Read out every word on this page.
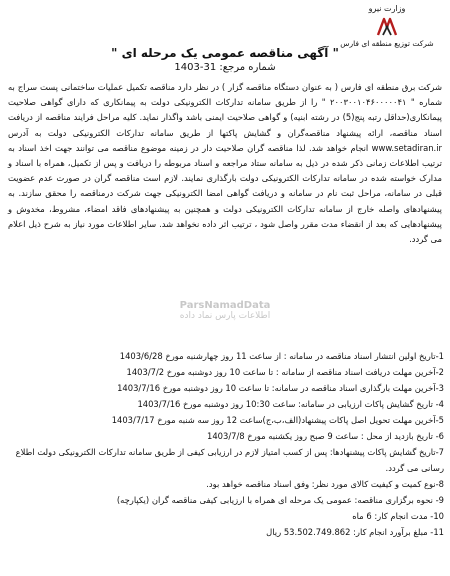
وزارت نیرو
شرکت توزیع منطقه ای فارس
" آگهی مناقصه عمومی یک مرحله ای "
شماره مرجع: 31-1403
شرکت برق منطقه ای فارس ( به عنوان دستگاه مناقصه گزار ) در نظر دارد مناقصه تکمیل عملیات ساختمانی پست سراج به شماره " ۲۰۰۳۰۰۱۰۴۶۰۰۰۰۰۴۱ " را از طریق سامانه تدارکات الکترونیکی دولت به پیمانکاری که دارای گواهی صلاحیت پیمانکاری(حداقل رتبه پنج(5) در رشته ابنیه) و گواهی صلاحیت ایمنی باشد واگذار نماید. کلیه مراحل فرایند مناقصه از دریافت اسناد مناقصه، ارائه پیشنهاد مناقصه‌گران و گشایش پاکتها از طریق سامانه تدارکات الکترونیکی دولت به آدرس www.setadiran.ir انجام خواهد شد. لذا مناقصه گران صلاحیت دار در زمینه موضوع مناقصه می توانند جهت اخذ اسناد به ترتیب اطلاعات زمانی ذکر شده در ذیل به سامانه ستاد مراجعه و اسناد مربوطه را دریافت و پس از تکمیل، همراه با اسناد و مدارک خواسته شده در سامانه تدارکات الکترونیکی دولت بارگذاری نمایند. لازم است مناقصه گران در صورت عدم عضویت قبلی در سامانه، مراحل ثبت نام در سامانه و دریافت گواهی امضا الکترونیکی جهت شرکت درمناقصه را محقق سازند. به پیشنهادهای واصله خارج از سامانه تدارکات الکترونیکی دولت و همچنین به پیشنهادهای فاقد امضاء، مشروط، مخدوش و پیشنهادهایی که بعد از انقضاء مدت مقرر واصل شود ، ترتیب اثر داده نخواهد شد. سایر اطلاعات مورد نیاز به شرح ذیل اعلام می گردد.
ParsNamadData
اطلاعات پارس نماد داده
1-تاریخ اولین انتشار اسناد مناقصه در سامانه : از ساعت 11 روز چهارشنبه مورخ 1403/6/28
2-آخرین مهلت دریافت اسناد مناقصه از سامانه : تا ساعت 10 روز دوشنبه مورخ 1403/7/2
3-آخرین مهلت بارگذاری اسناد مناقصه در سامانه: تا ساعت 10 روز دوشنبه مورخ 1403/7/16
4- تاریخ گشایش پاکات ارزیابی در سامانه: ساعت 10:30 روز دوشنبه مورخ 1403/7/16
5-آخرین مهلت تحویل اصل پاکات پیشنهاد(الف،ب،ج)ساعت 12 روز سه شنبه مورخ 1403/7/17
6- تاریخ بازدید از محل : ساعت 9 صبح روز یکشنبه مورخ 1403/7/8
7-تاریخ گشایش پاکات پیشنهادها: پس از کسب امتیاز لازم در ارزیابی کیفی از طریق سامانه تدارکات الکترونیکی دولت اطلاع رسانی می گردد.
8-نوع کمیت و کیفیت کالای مورد نظر: وفق اسناد مناقصه خواهد بود.
9- نحوه برگزاری مناقصه: عمومی یک مرحله ای همراه با ارزیابی کیفی مناقصه گران (یکپارچه)
10- مدت انجام کار: 6 ماه
11- مبلغ برآورد انجام کار: 53.502.749.862 ریال
